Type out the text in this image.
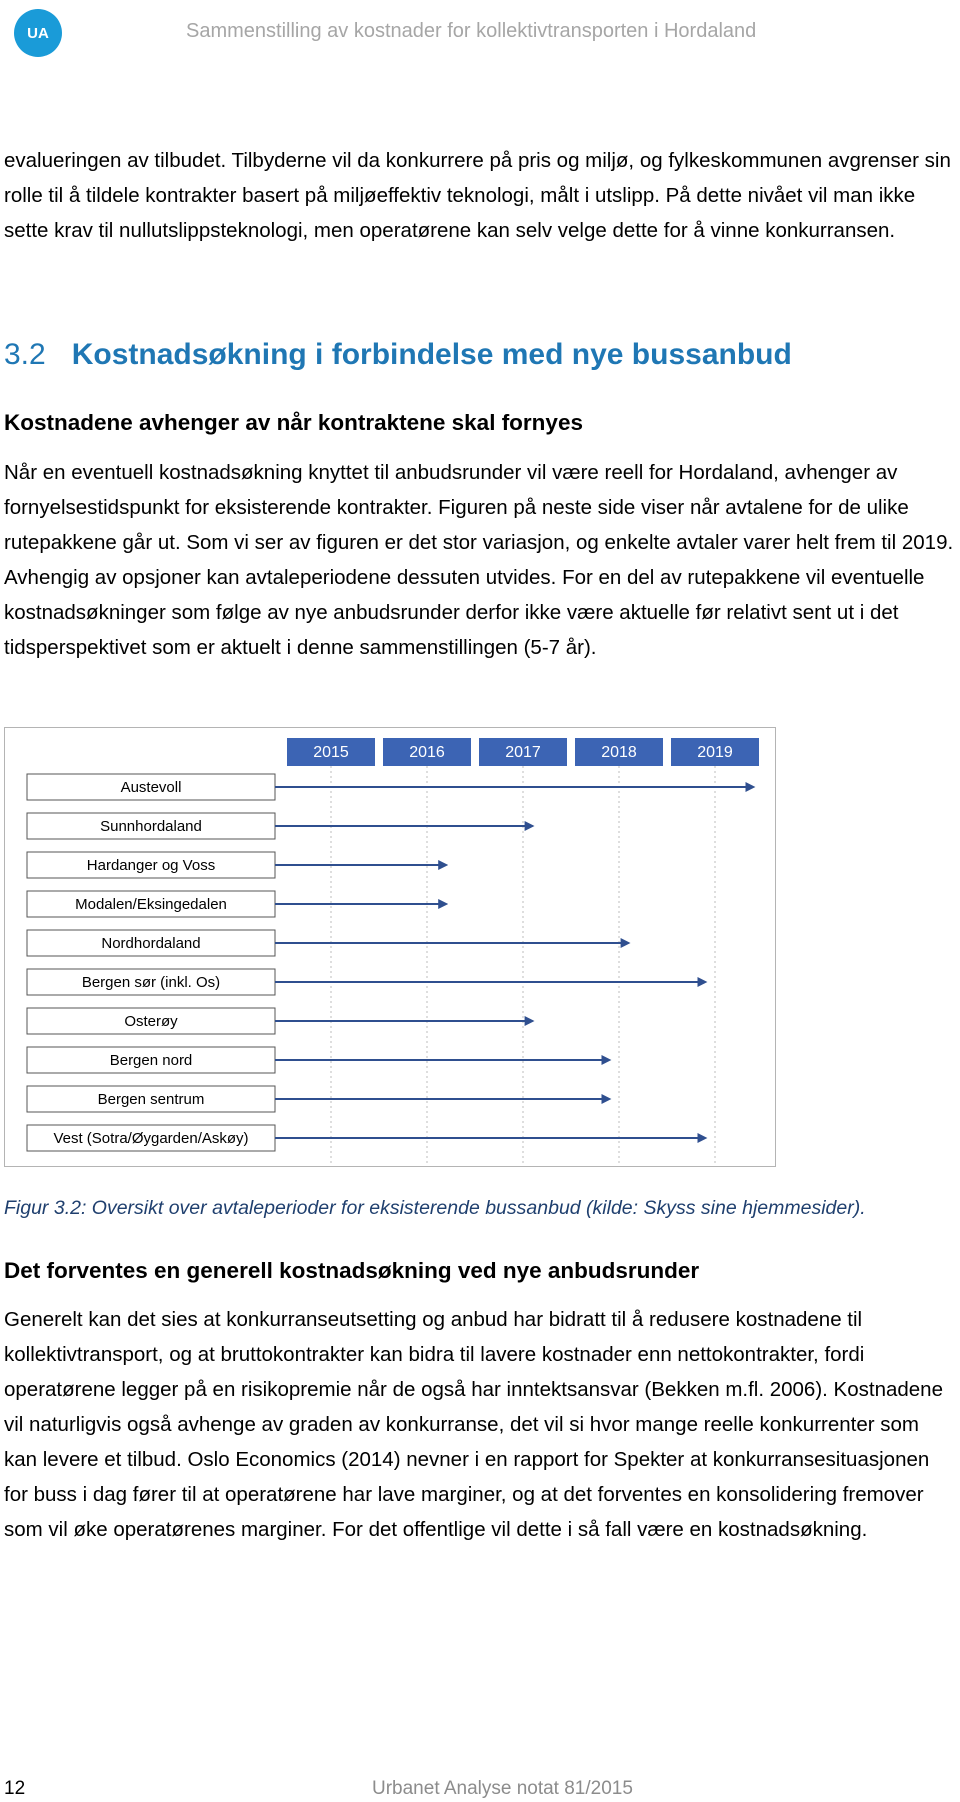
UA	Sammenstilling av kostnader for kollektivtransporten i Hordaland

evalueringen av tilbudet. Tilbyderne vil da konkurrere på pris og miljø, og fylkeskommunen avgrenser sin rolle til å tildele kontrakter basert på miljøeffektiv teknologi, målt i utslipp. På dette nivået vil man ikke sette krav til nullutslippsteknologi, men operatørene kan selv velge dette for å vinne konkurransen.

3.2 Kostnadsøkning i forbindelse med nye bussanbud
Kostnadene avhenger av når kontraktene skal fornyes

Når en eventuell kostnadsøkning knyttet til anbudsrunder vil være reell for Hordaland, avhenger av fornyelsestidspunkt for eksisterende kontrakter. Figuren på neste side viser når avtalene for de ulike rutepakkene går ut. Som vi ser av figuren er det stor variasjon, og enkelte avtaler varer helt frem til 2019. Avhengig av opsjoner kan avtaleperiodene dessuten utvides. For en del av rutepakkene vil eventuelle kostnadsøkninger som følge av nye anbudsrunder derfor ikke være aktuelle før relativt sent ut i det tidsperspektivet som er aktuelt i denne sammenstillingen (5-7 år).

2015	2016	2017	2018	2019
Austevoll
Sunnhordaland
Hardanger og Voss
Modalen/Eksingedalen
Nordhordaland
Bergen sør (inkl. Os)
Osterøy
Bergen nord
Bergen sentrum
Vest (Sotra/Øygarden/Askøy)
Figur 3.2: Oversikt over avtaleperioder for eksisterende bussanbud (kilde: Skyss sine hjemmesider).
Det forventes en generell kostnadsøkning ved nye anbudsrunder

Generelt kan det sies at konkurranseutsetting og anbud har bidratt til å redusere kostnadene til kollektivtransport, og at bruttokontrakter kan bidra til lavere kostnader enn nettokontrakter, fordi operatørene legger på en risikopremie når de også har inntektsansvar (Bekken m.fl. 2006). Kostnadene vil naturligvis også avhenge av graden av konkurranse, det vil si hvor mange reelle konkurrenter som kan levere et tilbud. Oslo Economics (2014) nevner i en rapport for Spekter at konkurransesituasjonen for buss i dag fører til at operatørene har lave marginer, og at det forventes en konsolidering fremover som vil øke operatørenes marginer. For det offentlige vil dette i så fall være en kostnadsøkning.

12	Urbanet Analyse notat 81/2015
